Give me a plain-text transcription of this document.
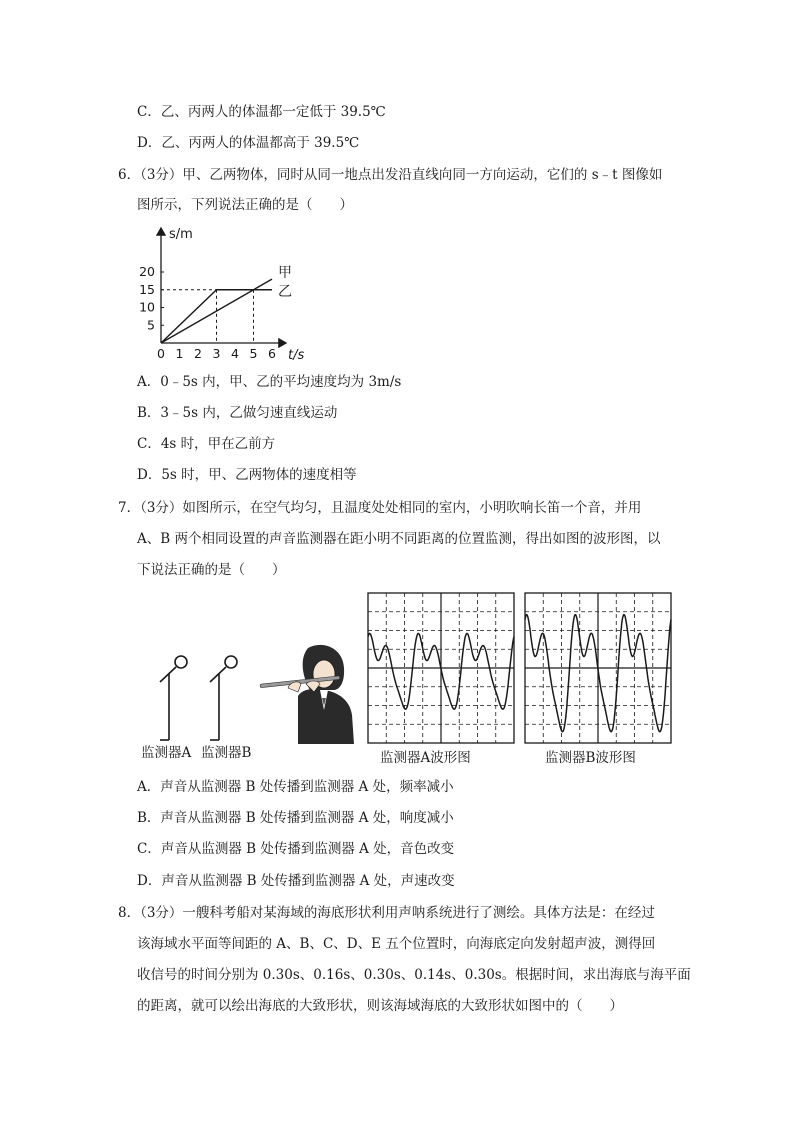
C．乙、丙两人的体温都一定低于 39.5℃
D．乙、丙两人的体温都高于 39.5℃
6．（3分）甲、乙两物体，同时从同一地点出发沿直线向同一方向运动，它们的 s﹣t 图像如
图所示，下列说法正确的是（　　）
s/m
t/s
0 1 2 3 4 5 6
5
10
15
20	甲
乙
A．0﹣5s 内，甲、乙的平均速度均为 3m/s
B．3﹣5s 内，乙做匀速直线运动
C．4s 时，甲在乙前方
D．5s 时，甲、乙两物体的速度相等
7．（3分）如图所示，在空气均匀，且温度处处相同的室内，小明吹响长笛一个音，并用
A、B 两个相同设置的声音监测器在距小明不同距离的位置监测，得出如图的波形图，以
下说法正确的是（　　）
监测器A 监测器B	监测器A波形图	监测器B波形图
A．声音从监测器 B 处传播到监测器 A 处，频率减小
B．声音从监测器 B 处传播到监测器 A 处，响度减小
C．声音从监测器 B 处传播到监测器 A 处，音色改变
D．声音从监测器 B 处传播到监测器 A 处，声速改变
8．（3分）一艘科考船对某海域的海底形状利用声呐系统进行了测绘。具体方法是：在经过
该海域水平面等间距的 A、B、C、D、E 五个位置时，向海底定向发射超声波，测得回
收信号的时间分别为 0.30s、0.16s、0.30s、0.14s、0.30s。根据时间，求出海底与海平面
的距离，就可以绘出海底的大致形状，则该海域海底的大致形状如图中的（　　）
